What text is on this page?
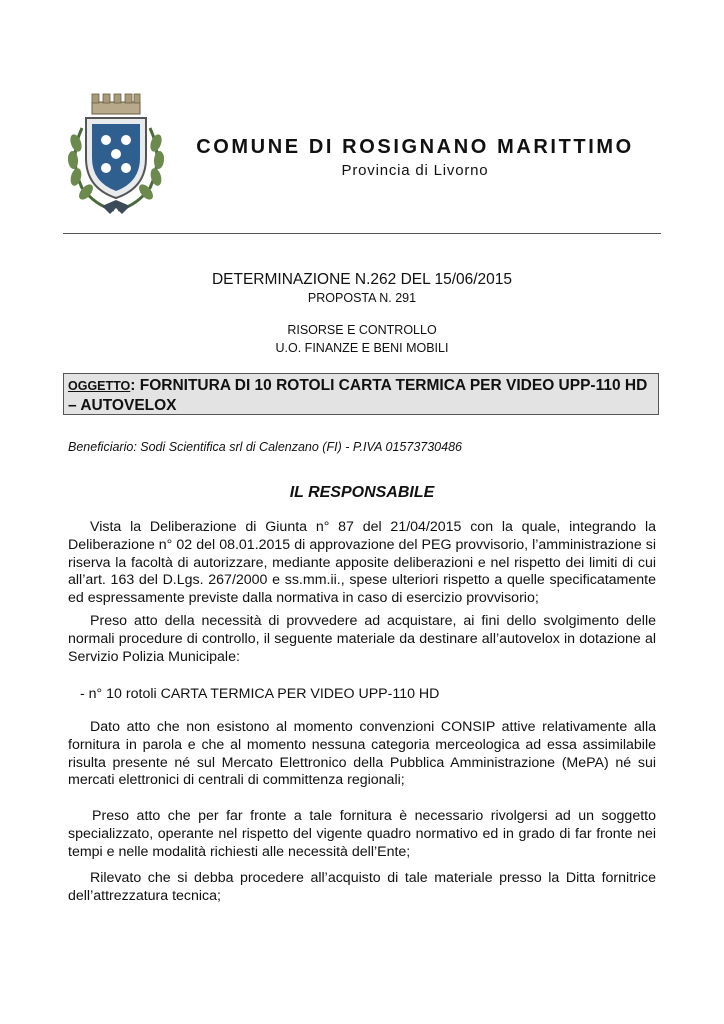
COMUNE DI ROSIGNANO MARITTIMO
Provincia di Livorno
DETERMINAZIONE N.262 DEL 15/06/2015
PROPOSTA N. 291
RISORSE E CONTROLLO
U.O. FINANZE E BENI MOBILI
OGGETTO: FORNITURA DI 10 ROTOLI CARTA TERMICA PER VIDEO UPP-110 HD – AUTOVELOX
Beneficiario: Sodi Scientifica srl di Calenzano (FI) - P.IVA 01573730486
IL RESPONSABILE
Vista la Deliberazione di Giunta n° 87 del 21/04/2015 con la quale, integrando la Deliberazione n° 02 del 08.01.2015 di approvazione del PEG provvisorio, l’amministrazione si riserva la facoltà di autorizzare, mediante apposite deliberazioni e nel rispetto dei limiti di cui all’art. 163 del D.Lgs. 267/2000 e ss.mm.ii., spese ulteriori rispetto a quelle specificatamente ed espressamente previste dalla normativa in caso di esercizio provvisorio;
Preso atto della necessità di provvedere ad acquistare, ai fini dello svolgimento delle normali procedure di controllo, il seguente materiale da destinare all’autovelox in dotazione al Servizio Polizia Municipale:
- n° 10 rotoli CARTA TERMICA PER VIDEO UPP-110 HD
Dato atto che non esistono al momento convenzioni CONSIP attive relativamente alla fornitura in parola e che al momento nessuna categoria merceologica ad essa assimilabile risulta presente né sul Mercato Elettronico della Pubblica Amministrazione (MePA) né sui mercati elettronici di centrali di committenza regionali;
Preso atto che per far fronte a tale fornitura è necessario rivolgersi ad un soggetto specializzato, operante nel rispetto del vigente quadro normativo ed in grado di far fronte nei tempi e nelle modalità richiesti alle necessità dell’Ente;
Rilevato che si debba procedere all’acquisto di tale materiale presso la Ditta fornitrice dell’attrezzatura tecnica;
